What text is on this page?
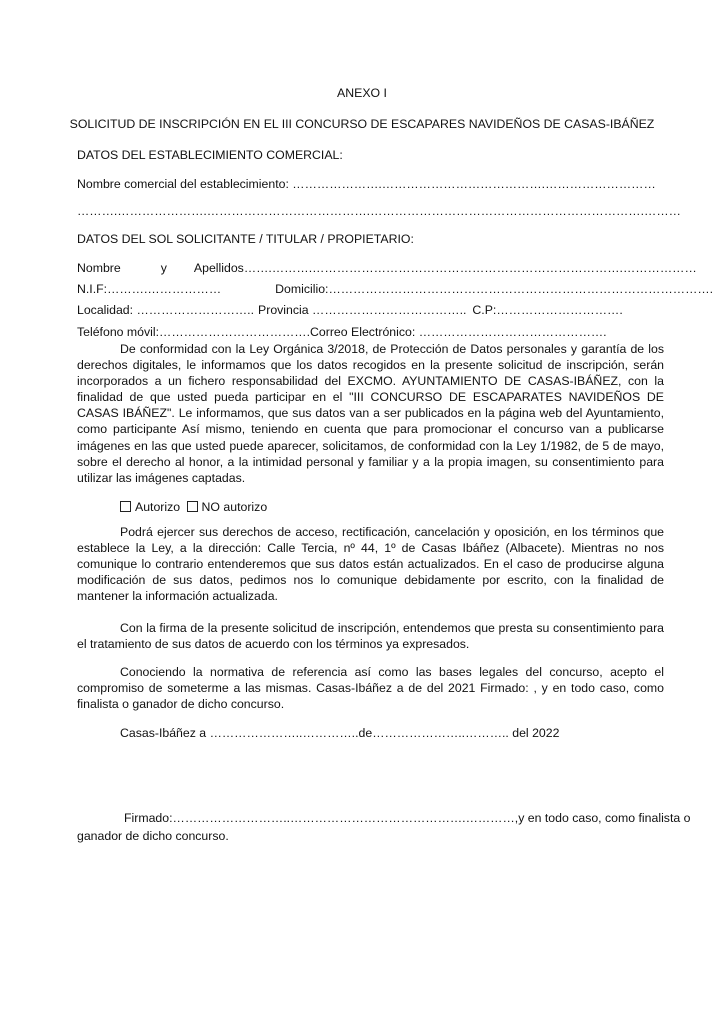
ANEXO I
SOLICITUD DE INSCRIPCIÓN EN EL III CONCURSO DE ESCAPARES NAVIDEÑOS DE CASAS-IBÁÑEZ
DATOS DEL ESTABLECIMIENTO COMERCIAL:
Nombre comercial del establecimiento: ………………….………………………………….………………………
……….………………….………………………………….………………………………………………………….………
DATOS DEL SOL SOLICITANTE / TITULAR / PROPIETARIO:
Nombre	y Apellidos …….……….………………………………………………………………….………………
N.I.F:……….………………	Domicilio:………………………………………………………………………………….
Localidad: ……………………….. Provincia ……………………………….. C.P:………………………….
Teléfono móvil:………………………………. Correo Electrónico: ……………………………………….
De conformidad con la Ley Orgánica 3/2018, de Protección de Datos personales y garantía de los derechos digitales, le informamos que los datos recogidos en la presente solicitud de inscripción, serán incorporados a un fichero responsabilidad del EXCMO. AYUNTAMIENTO DE CASAS-IBÁÑEZ, con la finalidad de que usted pueda participar en el "III CONCURSO DE ESCAPARATES NAVIDEÑOS DE CASAS IBÁÑEZ". Le informamos, que sus datos van a ser publicados en la página web del Ayuntamiento, como participante Así mismo, teniendo en cuenta que para promocionar el concurso van a publicarse imágenes en las que usted puede aparecer, solicitamos, de conformidad con la Ley 1/1982, de 5 de mayo, sobre el derecho al honor, a la intimidad personal y familiar y a la propia imagen, su consentimiento para utilizar las imágenes captadas.
Autorizo NO autorizo
Podrá ejercer sus derechos de acceso, rectificación, cancelación y oposición, en los términos que establece la Ley, a la dirección: Calle Tercia, nº 44, 1º de Casas Ibáñez (Albacete). Mientras no nos comunique lo contrario entenderemos que sus datos están actualizados. En el caso de producirse alguna modificación de sus datos, pedimos nos lo comunique debidamente por escrito, con la finalidad de mantener la información actualizada.
Con la firma de la presente solicitud de inscripción, entendemos que presta su consentimiento para el tratamiento de sus datos de acuerdo con los términos ya expresados.
Conociendo la normativa de referencia así como las bases legales del concurso, acepto el compromiso de someterme a las mismas. Casas-Ibáñez a de del 2021 Firmado: , y en todo caso, como finalista o ganador de dicho concurso.
Casas-Ibáñez a …………………..…………..de…………………..……….. del 2022
Firmado:………………………..…………………………………….…………, y en todo caso, como finalista o
ganador de dicho concurso.
